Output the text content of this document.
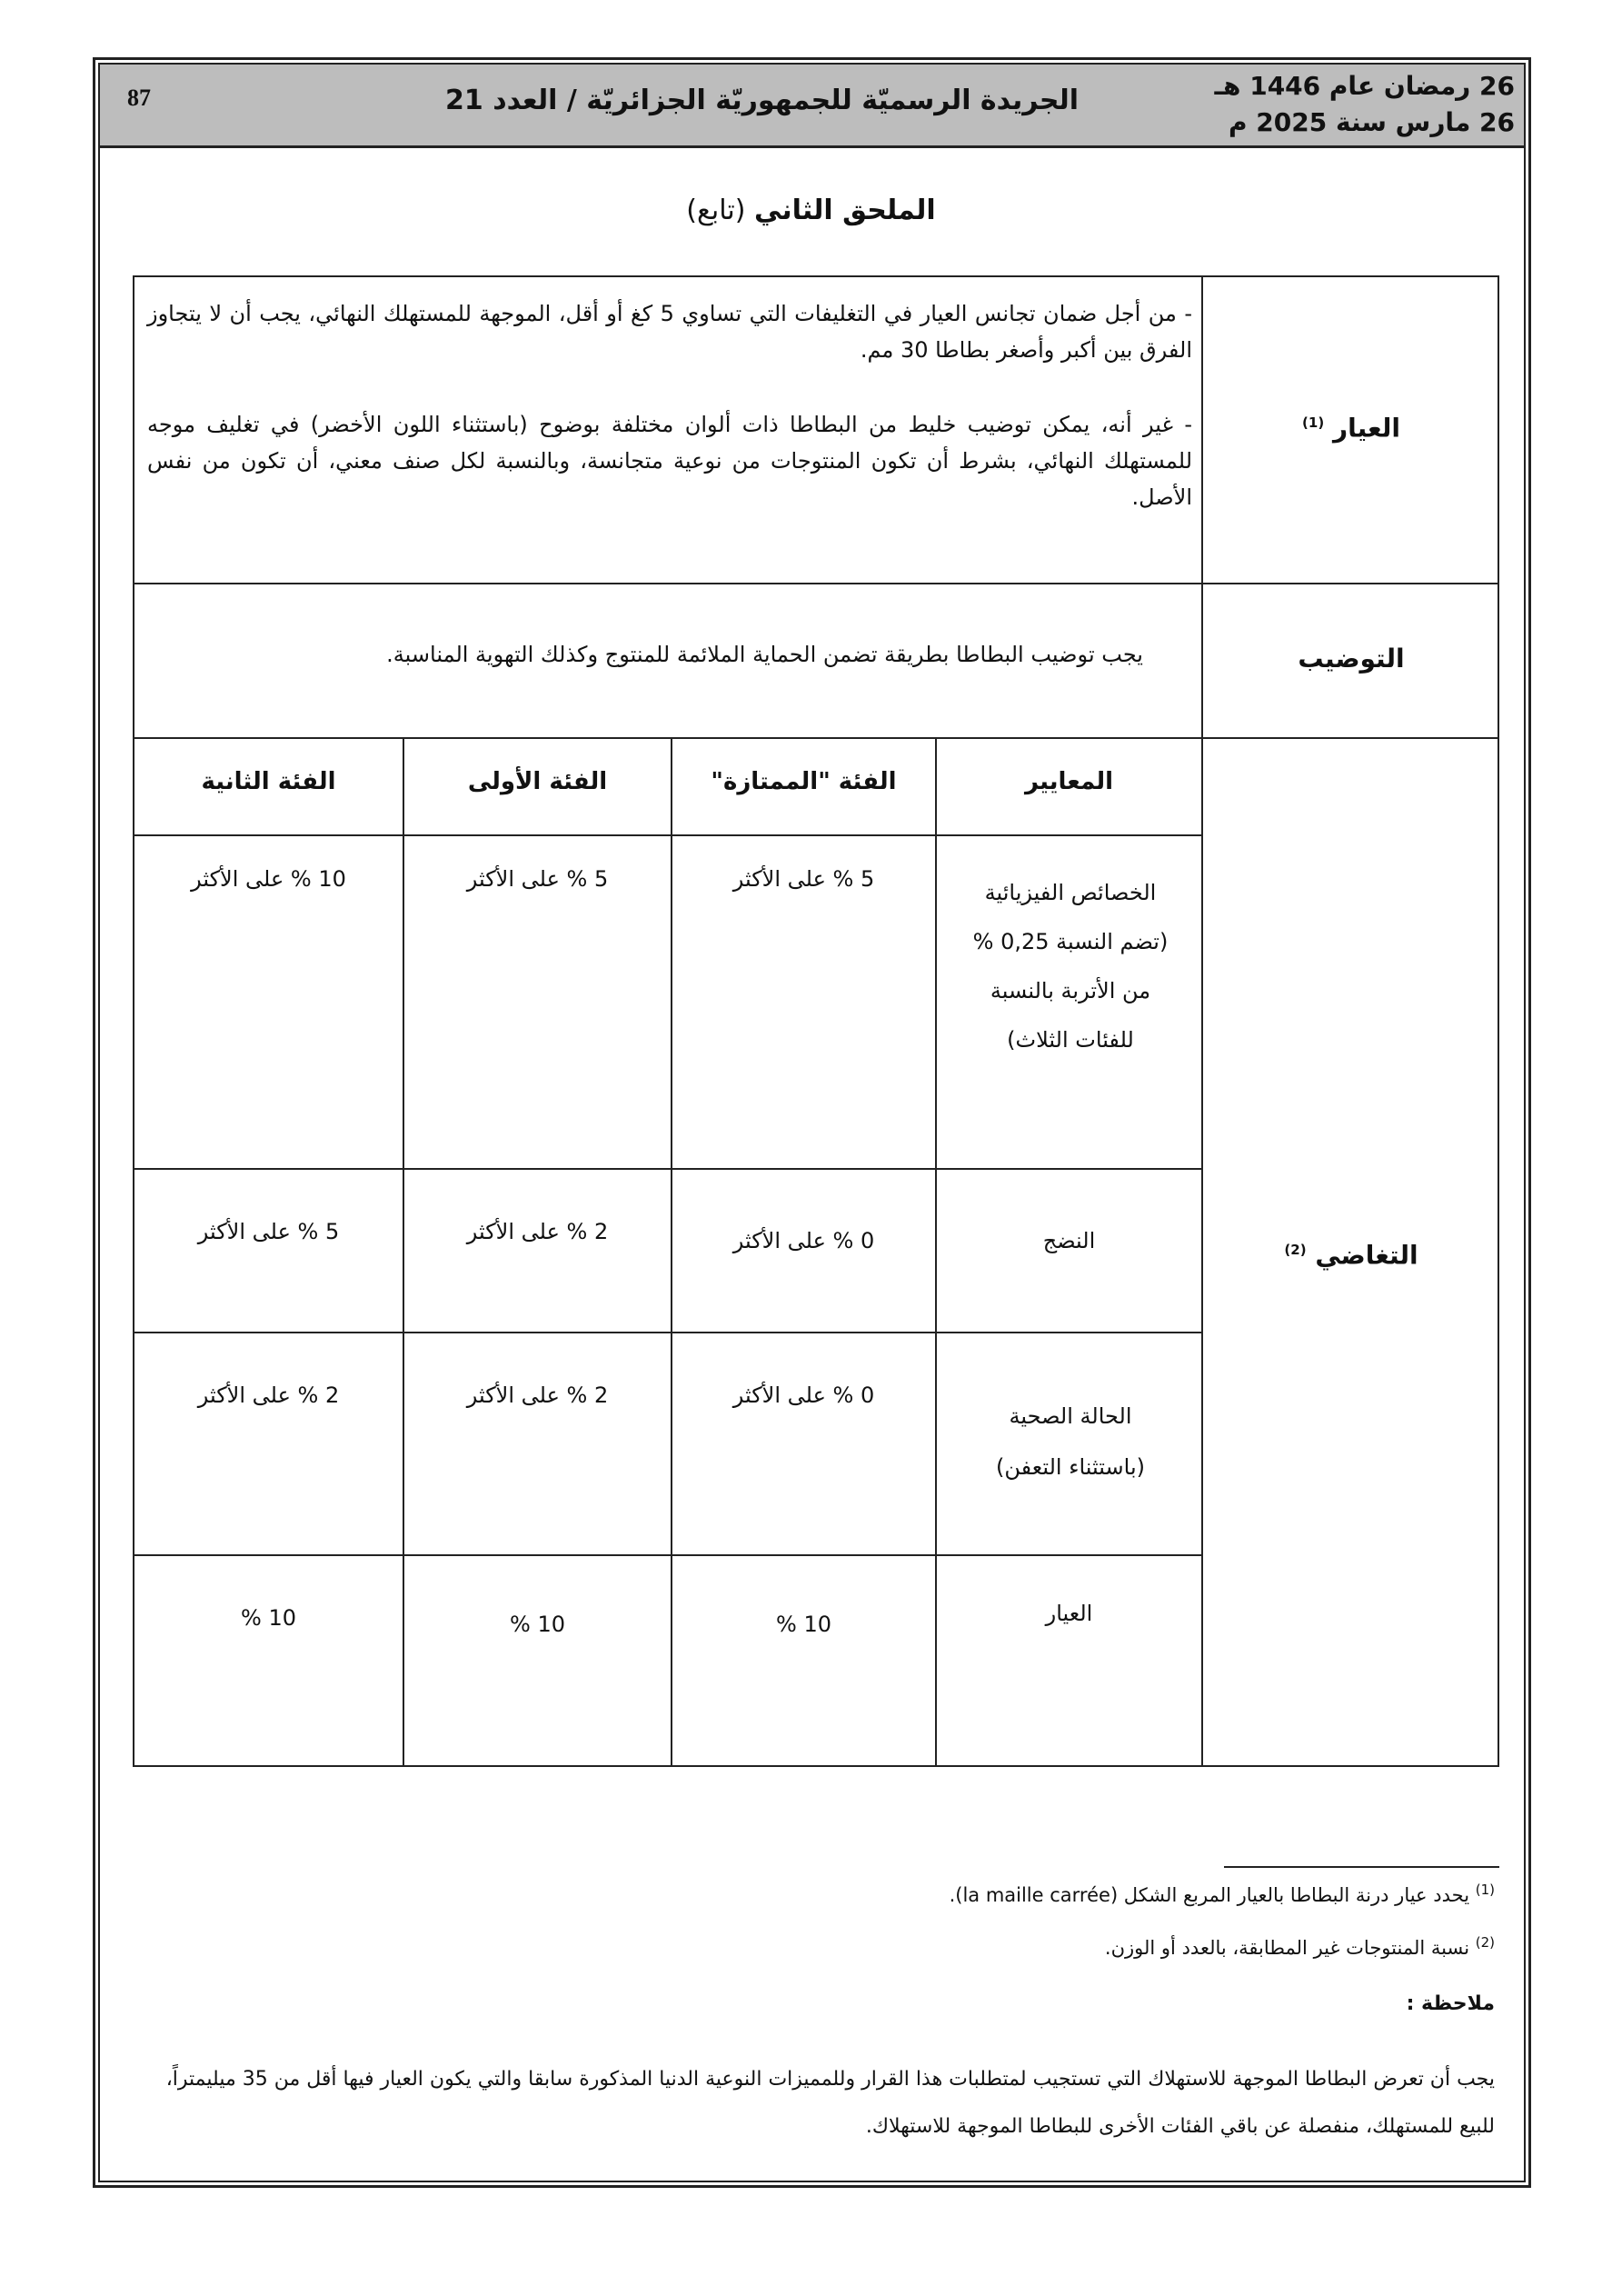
87	الجريدة الرسميّة للجمهوريّة الجزائريّة / العدد 21	26 رمضان عام 1446 هـ
26 مارس سنة 2025 م
الملحق الثاني (تابع)
العيار $^{(1)}$
- من أجل ضمان تجانس العيار في التغليفات التي تساوي 5 كغ أو أقل، الموجهة للمستهلك النهائي، يجب أن لا يتجاوز الفرق بين أكبر وأصغر بطاطا 30 مم.
- غير أنه، يمكن توضيب خليط من البطاطا ذات ألوان مختلفة بوضوح (باستثناء اللون الأخضر) في تغليف موجه للمستهلك النهائي، بشرط أن تكون المنتوجات من نوعية متجانسة، وبالنسبة لكل صنف معني، أن تكون من نفس الأصل.
التوضيب
يجب توضيب البطاطا بطريقة تضمن الحماية الملائمة للمنتوج وكذلك التهوية المناسبة.
التغاضي $^{(2)}$
المعايير
الفئة "الممتازة"
الفئة الأولى
الفئة الثانية
الخصائص الفيزيائية (تضم النسبة 0,25 % من الأتربة بالنسبة للفئات الثلاث)
5 % على الأكثر
5 % على الأكثر
10 % على الأكثر
النضج
0 % على الأكثر
2 % على الأكثر
5 % على الأكثر
الحالة الصحية (باستثناء التعفن)
0 % على الأكثر
2 % على الأكثر
2 % على الأكثر
العيار
10 %
10 %
10 %
$^{(1)}$ يحدد عيار درنة البطاطا بالعيار المربع الشكل (la maille carrée).
$^{(2)}$ نسبة المنتوجات غير المطابقة، بالعدد أو الوزن.
ملاحظة :
يجب أن تعرض البطاطا الموجهة للاستهلاك التي تستجيب لمتطلبات هذا القرار وللمميزات النوعية الدنيا المذكورة سابقا والتي يكون العيار فيها أقل من 35 ميليمتراً، للبيع للمستهلك، منفصلة عن باقي الفئات الأخرى للبطاطا الموجهة للاستهلاك.
